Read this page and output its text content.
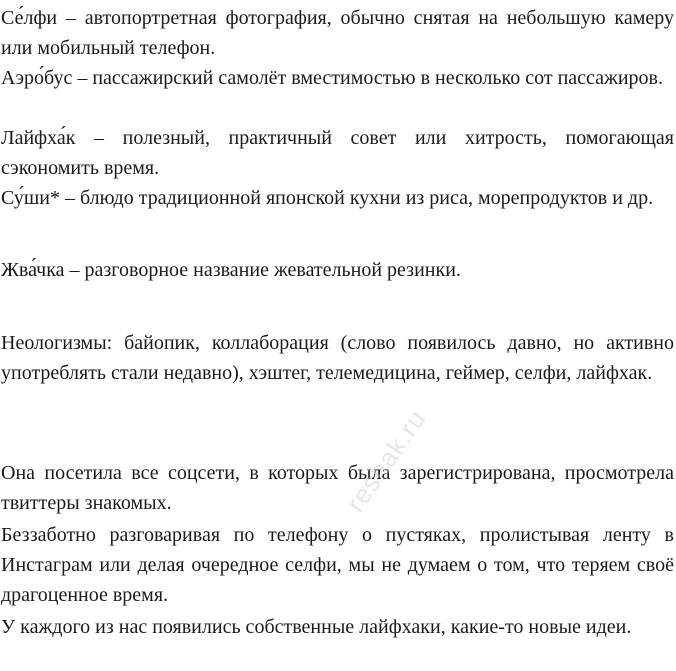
Се́лфи – автопортретная фотография, обычно снятая на небольшую камеру или мобильный телефон.

Аэро́бус – пассажирский самолёт вместимостью в несколько сот пассажиров.

Лайфха́к – полезный, практичный совет или хитрость, помогающая сэкономить время.

Су́ши* – блюдо традиционной японской кухни из риса, морепродуктов и др.

Жва́чка – разговорное название жевательной резинки.

Неологизмы: байопик, коллаборация (слово появилось давно, но активно употреблять стали недавно), хэштег, телемедицина, геймер, селфи, лайфхак.

Она посетила все соцсети, в которых была зарегистрирована, просмотрела твиттеры знакомых.

Беззаботно разговаривая по телефону о пустяках, пролистывая ленту в Инстаграм или делая очередное селфи, мы не думаем о том, что теряем своё драгоценное время.

У каждого из нас появились собственные лайфхаки, какие-то новые идеи.

reshak.ru
